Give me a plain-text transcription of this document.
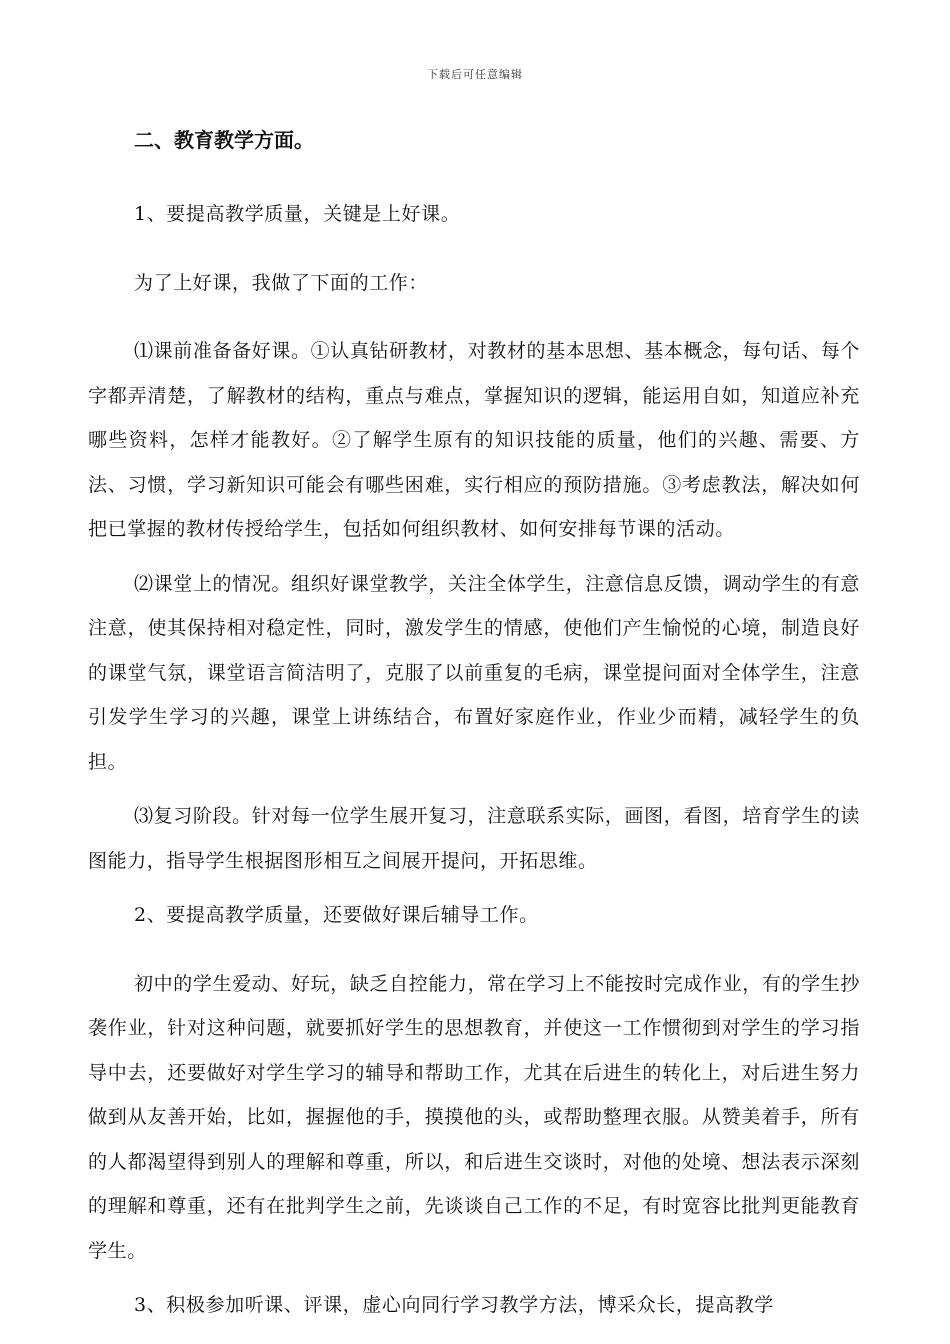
下载后可任意编辑
二、教育教学方面。

1、要提高教学质量，关键是上好课。

为了上好课，我做了下面的工作：

⑴课前准备备好课。①认真钻研教材，对教材的基本思想、基本概念，每句话、每个字都弄清楚，了解教材的结构，重点与难点，掌握知识的逻辑，能运用自如，知道应补充哪些资料，怎样才能教好。②了解学生原有的知识技能的质量，他们的兴趣、需要、方法、习惯，学习新知识可能会有哪些困难，实行相应的预防措施。③考虑教法，解决如何把已掌握的教材传授给学生，包括如何组织教材、如何安排每节课的活动。

⑵课堂上的情况。组织好课堂教学，关注全体学生，注意信息反馈，调动学生的有意注意，使其保持相对稳定性，同时，激发学生的情感，使他们产生愉悦的心境，制造良好的课堂气氛，课堂语言简洁明了，克服了以前重复的毛病，课堂提问面对全体学生，注意引发学生学习的兴趣，课堂上讲练结合，布置好家庭作业，作业少而精，减轻学生的负担。

⑶复习阶段。针对每一位学生展开复习，注意联系实际，画图，看图，培育学生的读图能力，指导学生根据图形相互之间展开提问，开拓思维。

2、要提高教学质量，还要做好课后辅导工作。

初中的学生爱动、好玩，缺乏自控能力，常在学习上不能按时完成作业，有的学生抄袭作业，针对这种问题，就要抓好学生的思想教育，并使这一工作惯彻到对学生的学习指导中去，还要做好对学生学习的辅导和帮助工作，尤其在后进生的转化上，对后进生努力做到从友善开始，比如，握握他的手，摸摸他的头，或帮助整理衣服。从赞美着手，所有的人都渴望得到别人的理解和尊重，所以，和后进生交谈时，对他的处境、想法表示深刻的理解和尊重，还有在批判学生之前，先谈谈自己工作的不足，有时宽容比批判更能教育学生。

3、积极参加听课、评课，虚心向同行学习教学方法，博采众长，提高教学
